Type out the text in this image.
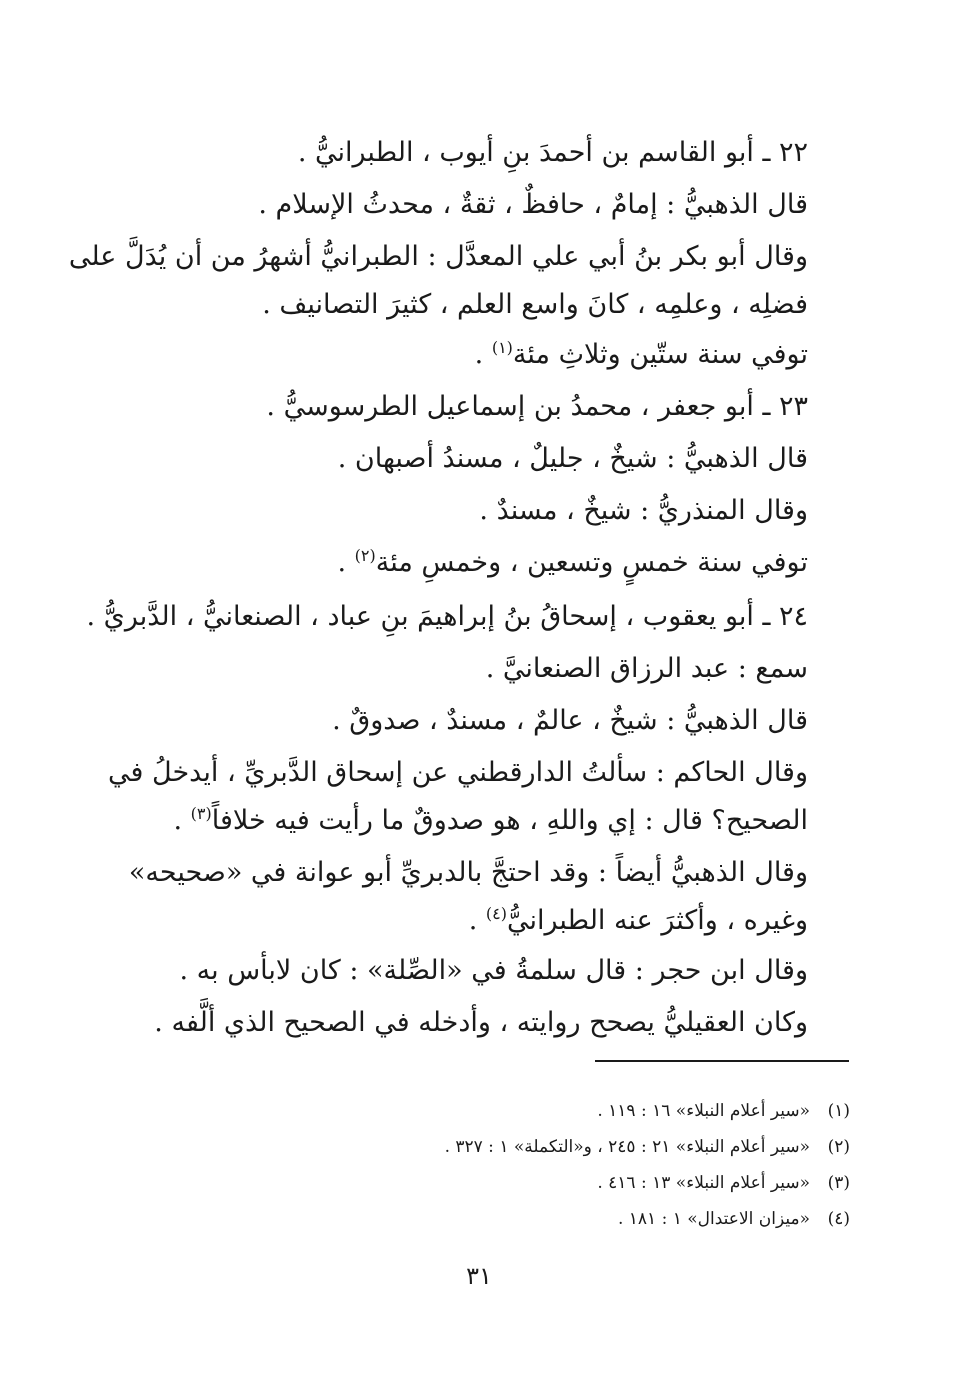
٢٢ ـ أبو القاسم بن أحمدَ بنِ أيوب ، الطبرانيُّ .
قال الذهبيُّ : إمامٌ ، حافظٌ ، ثقةٌ ، محدثُ الإسلام .
وقال أبو بكر بنُ أبي علي المعدَّل : الطبرانيُّ أشهرُ من أن يُدَلَّ على
فضلِه ، وعلمِه ، كانَ واسع العلم ، كثيرَ التصانيف .
توفي سنة ستّين وثلاثِ مئة$^{(١)}$ .
٢٣ ـ أبو جعفر ، محمدُ بن إسماعيل الطرسوسيُّ .
قال الذهبيُّ : شيخٌ ، جليلٌ ، مسندُ أصبهان .
وقال المنذريُّ : شيخٌ ، مسندٌ .
توفي سنة خمسٍ وتسعين ، وخمسِ مئة$^{(٢)}$ .
٢٤ ـ أبو يعقوب ، إسحاقُ بنُ إبراهيمَ بنِ عباد ، الصنعانيُّ ، الدَّبريُّ .
سمع : عبد الرزاق الصنعانيَّ .
قال الذهبيُّ : شيخٌ ، عالمٌ ، مسندٌ ، صدوقٌ .
وقال الحاكم : سألتُ الدارقطني عن إسحاق الدَّبريِّ ، أيدخلُ في
الصحيح؟ قال : إي واللهِ ، هو صدوقٌ ما رأيت فيه خلافاً$^{(٣)}$ .
وقال الذهبيُّ أيضاً : وقد احتجَّ بالدبريِّ أبو عوانة في «صحيحه»
وغيره ، وأكثرَ عنه الطبرانيُّ$^{(٤)}$ .
وقال ابن حجر : قال سلمةُ في «الصِّلة» : كان لابأس به .
وكان العقيليُّ يصحح روايته ، وأدخله في الصحيح الذي ألَّفه .
(١)«سير أعلام النبلاء» ١٦ : ١١٩ .
(٢)«سير أعلام النبلاء» ٢١ : ٢٤٥ ، و«التكملة» ١ : ٣٢٧ .
(٣)«سير أعلام النبلاء» ١٣ : ٤١٦ .
(٤)«ميزان الاعتدال» ١ : ١٨١ .
٣١
